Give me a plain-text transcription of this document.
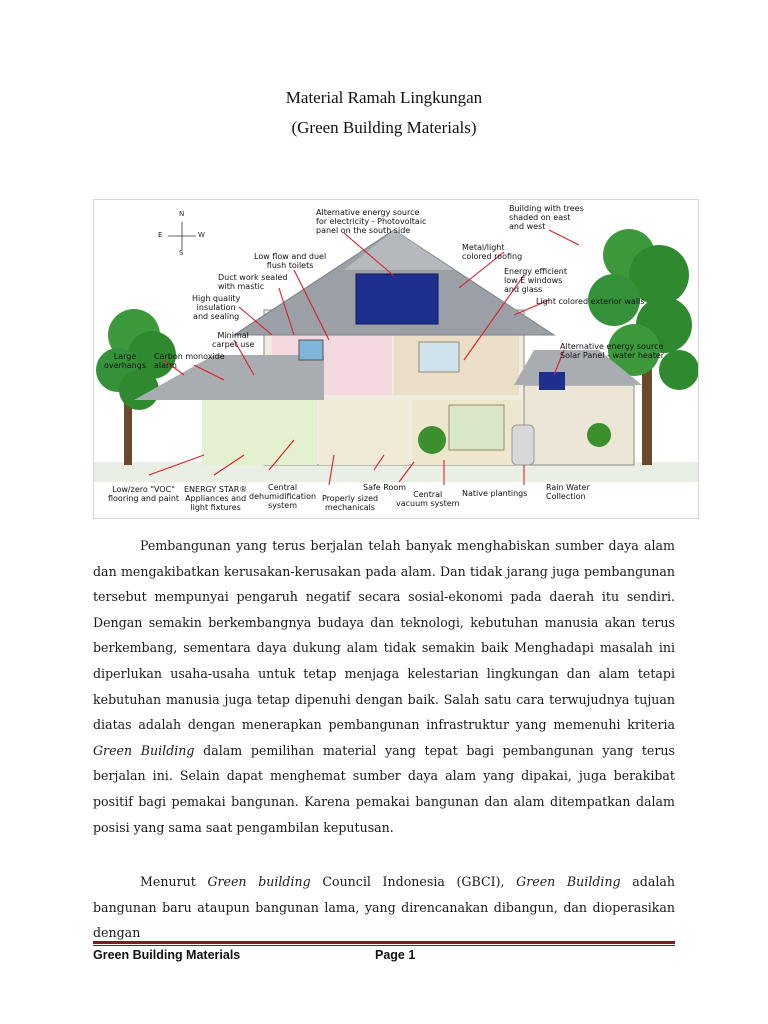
Material Ramah Lingkungan
(Green Building Materials)
N
E	W
S
Alternative energy source
for electricity - Photovoltaic
panel on the south side
Building with trees
shaded on east
and west
Metal/light
colored roofing
Low flow and duel
flush toilets
Duct work sealed
with mastic
Energy efficient
low E windows
and glass
High quality
insulation
and sealing
Light colored exterior walls
Minimal
carpet use
Large
overhangs
Carbon monoxide
alarm
Alternative energy source
Solar Panel - water heater
Low/zero "VOC"
flooring and paint
ENERGY STAR®
Appliances and
light fixtures
Central
dehumidification
system
Properly sized
mechanicals
Safe Room
Central
vacuum system
Native plantings
Rain Water
Collection

Pembangunan yang terus berjalan telah banyak menghabiskan sumber daya alam dan mengakibatkan kerusakan-kerusakan pada alam. Dan tidak jarang juga pembangunan tersebut mempunyai pengaruh negatif secara sosial-ekonomi pada daerah itu sendiri. Dengan semakin berkembangnya budaya dan teknologi, kebutuhan manusia akan terus berkembang, sementara daya dukung alam tidak semakin baik Menghadapi masalah ini diperlukan usaha-usaha untuk tetap menjaga kelestarian lingkungan dan alam tetapi kebutuhan manusia juga tetap dipenuhi dengan baik. Salah satu cara terwujudnya tujuan diatas adalah dengan menerapkan pembangunan infrastruktur yang memenuhi kriteria Green Building dalam pemilihan material yang tepat bagi pembangunan yang terus berjalan ini. Selain dapat menghemat sumber daya alam yang dipakai, juga berakibat positif bagi pemakai bangunan. Karena pemakai bangunan dan alam ditempatkan dalam posisi yang sama saat pengambilan keputusan.

Menurut Green building Council Indonesia (GBCI), Green Building adalah bangunan baru ataupun bangunan lama, yang direncanakan dibangun, dan dioperasikan dengan

Green Building Materials	Page 1
